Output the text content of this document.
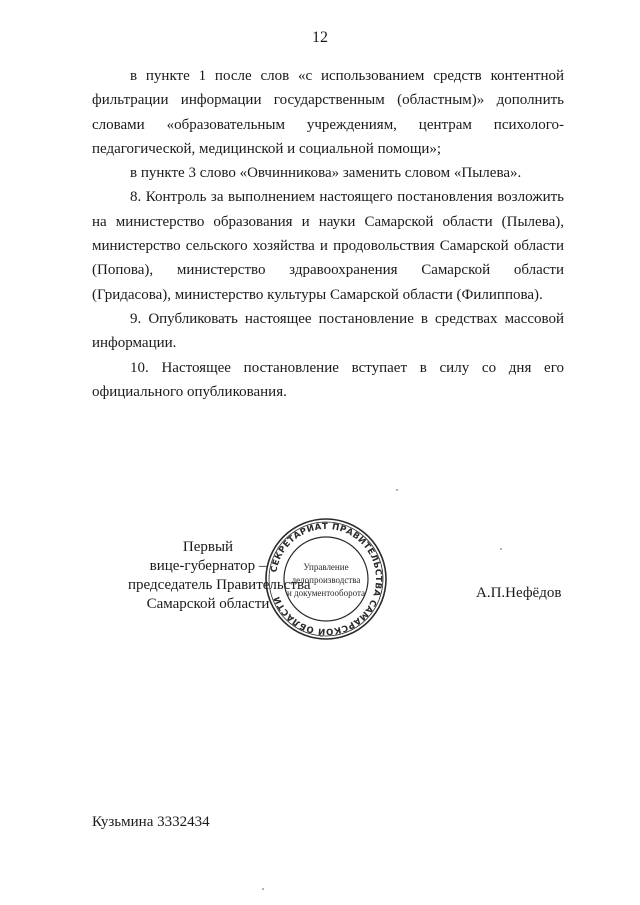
12

в пункте 1 после слов «с использованием средств контентной фильтрации информации государственным (областным)» дополнить словами «образовательным учреждениям, центрам психолого-педагогической, медицинской и социальной помощи»;

в пункте 3 слово «Овчинникова» заменить словом «Пылева».

8. Контроль за выполнением настоящего постановления возложить на министерство образования и науки Самарской области (Пылева), министерство сельского хозяйства и продовольствия Самарской области (Попова), министерство здравоохранения Самарской области (Гридасова), министерство культуры Самарской области (Филиппова).

9. Опубликовать настоящее постановление в средствах массовой информации.

10. Настоящее постановление вступает в силу со дня его официального опубликования.

Первый
вице-губернатор –
председатель Правительства
Самарской области
СЕКРЕТАРИАТ ПРАВИТЕЛЬСТВА САМАРСКОЙ ОБЛАСТИ
Управление
делопроизводства
и документооборота	А.П.Нефёдов
Кузьмина 3332434
